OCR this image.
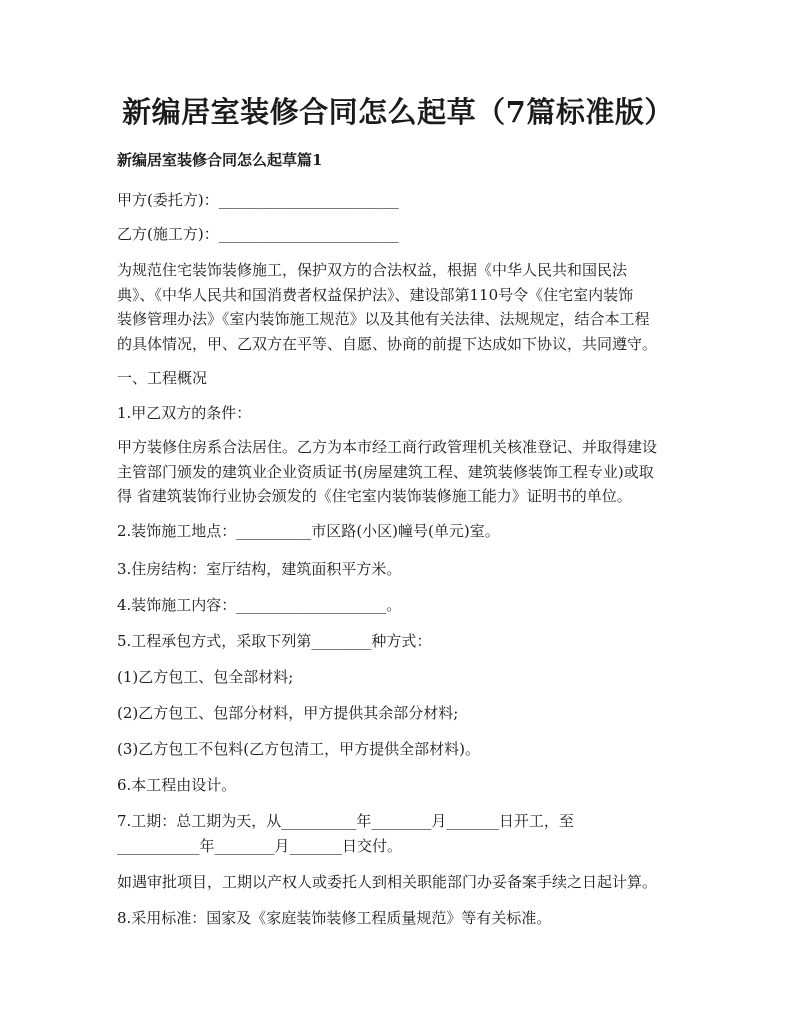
新编居室装修合同怎么起草（7篇标准版）
新编居室装修合同怎么起草篇1
甲方(委托方)：________________________
乙方(施工方)：________________________
为规范住宅装饰装修施工，保护双方的合法权益，根据《中华人民共和国民法
典》、《中华人民共和国消费者权益保护法》、建设部第110号令《住宅室内装饰
装修管理办法》《室内装饰施工规范》以及其他有关法律、法规规定，结合本工程
的具体情况，甲、乙双方在平等、自愿、协商的前提下达成如下协议，共同遵守。
一、工程概况
1.甲乙双方的条件：
甲方装修住房系合法居住。乙方为本市经工商行政管理机关核准登记、并取得建设
主管部门颁发的建筑业企业资质证书(房屋建筑工程、建筑装修装饰工程专业)或取
得 省建筑装饰行业协会颁发的《住宅室内装饰装修施工能力》证明书的单位。
2.装饰施工地点：__________市区路(小区)幢号(单元)室。
3.住房结构：室厅结构，建筑面积平方米。
4.装饰施工内容：____________________。
5.工程承包方式，采取下列第________种方式：
(1)乙方包工、包全部材料;
(2)乙方包工、包部分材料，甲方提供其余部分材料;
(3)乙方包工不包料(乙方包清工，甲方提供全部材料)。
6.本工程由设计。
7.工期：总工期为天，从__________年________月_______日开工，至
___________年________月_______日交付。
如遇审批项目，工期以产权人或委托人到相关职能部门办妥备案手续之日起计算。
8.采用标准：国家及《家庭装饰装修工程质量规范》等有关标准。
